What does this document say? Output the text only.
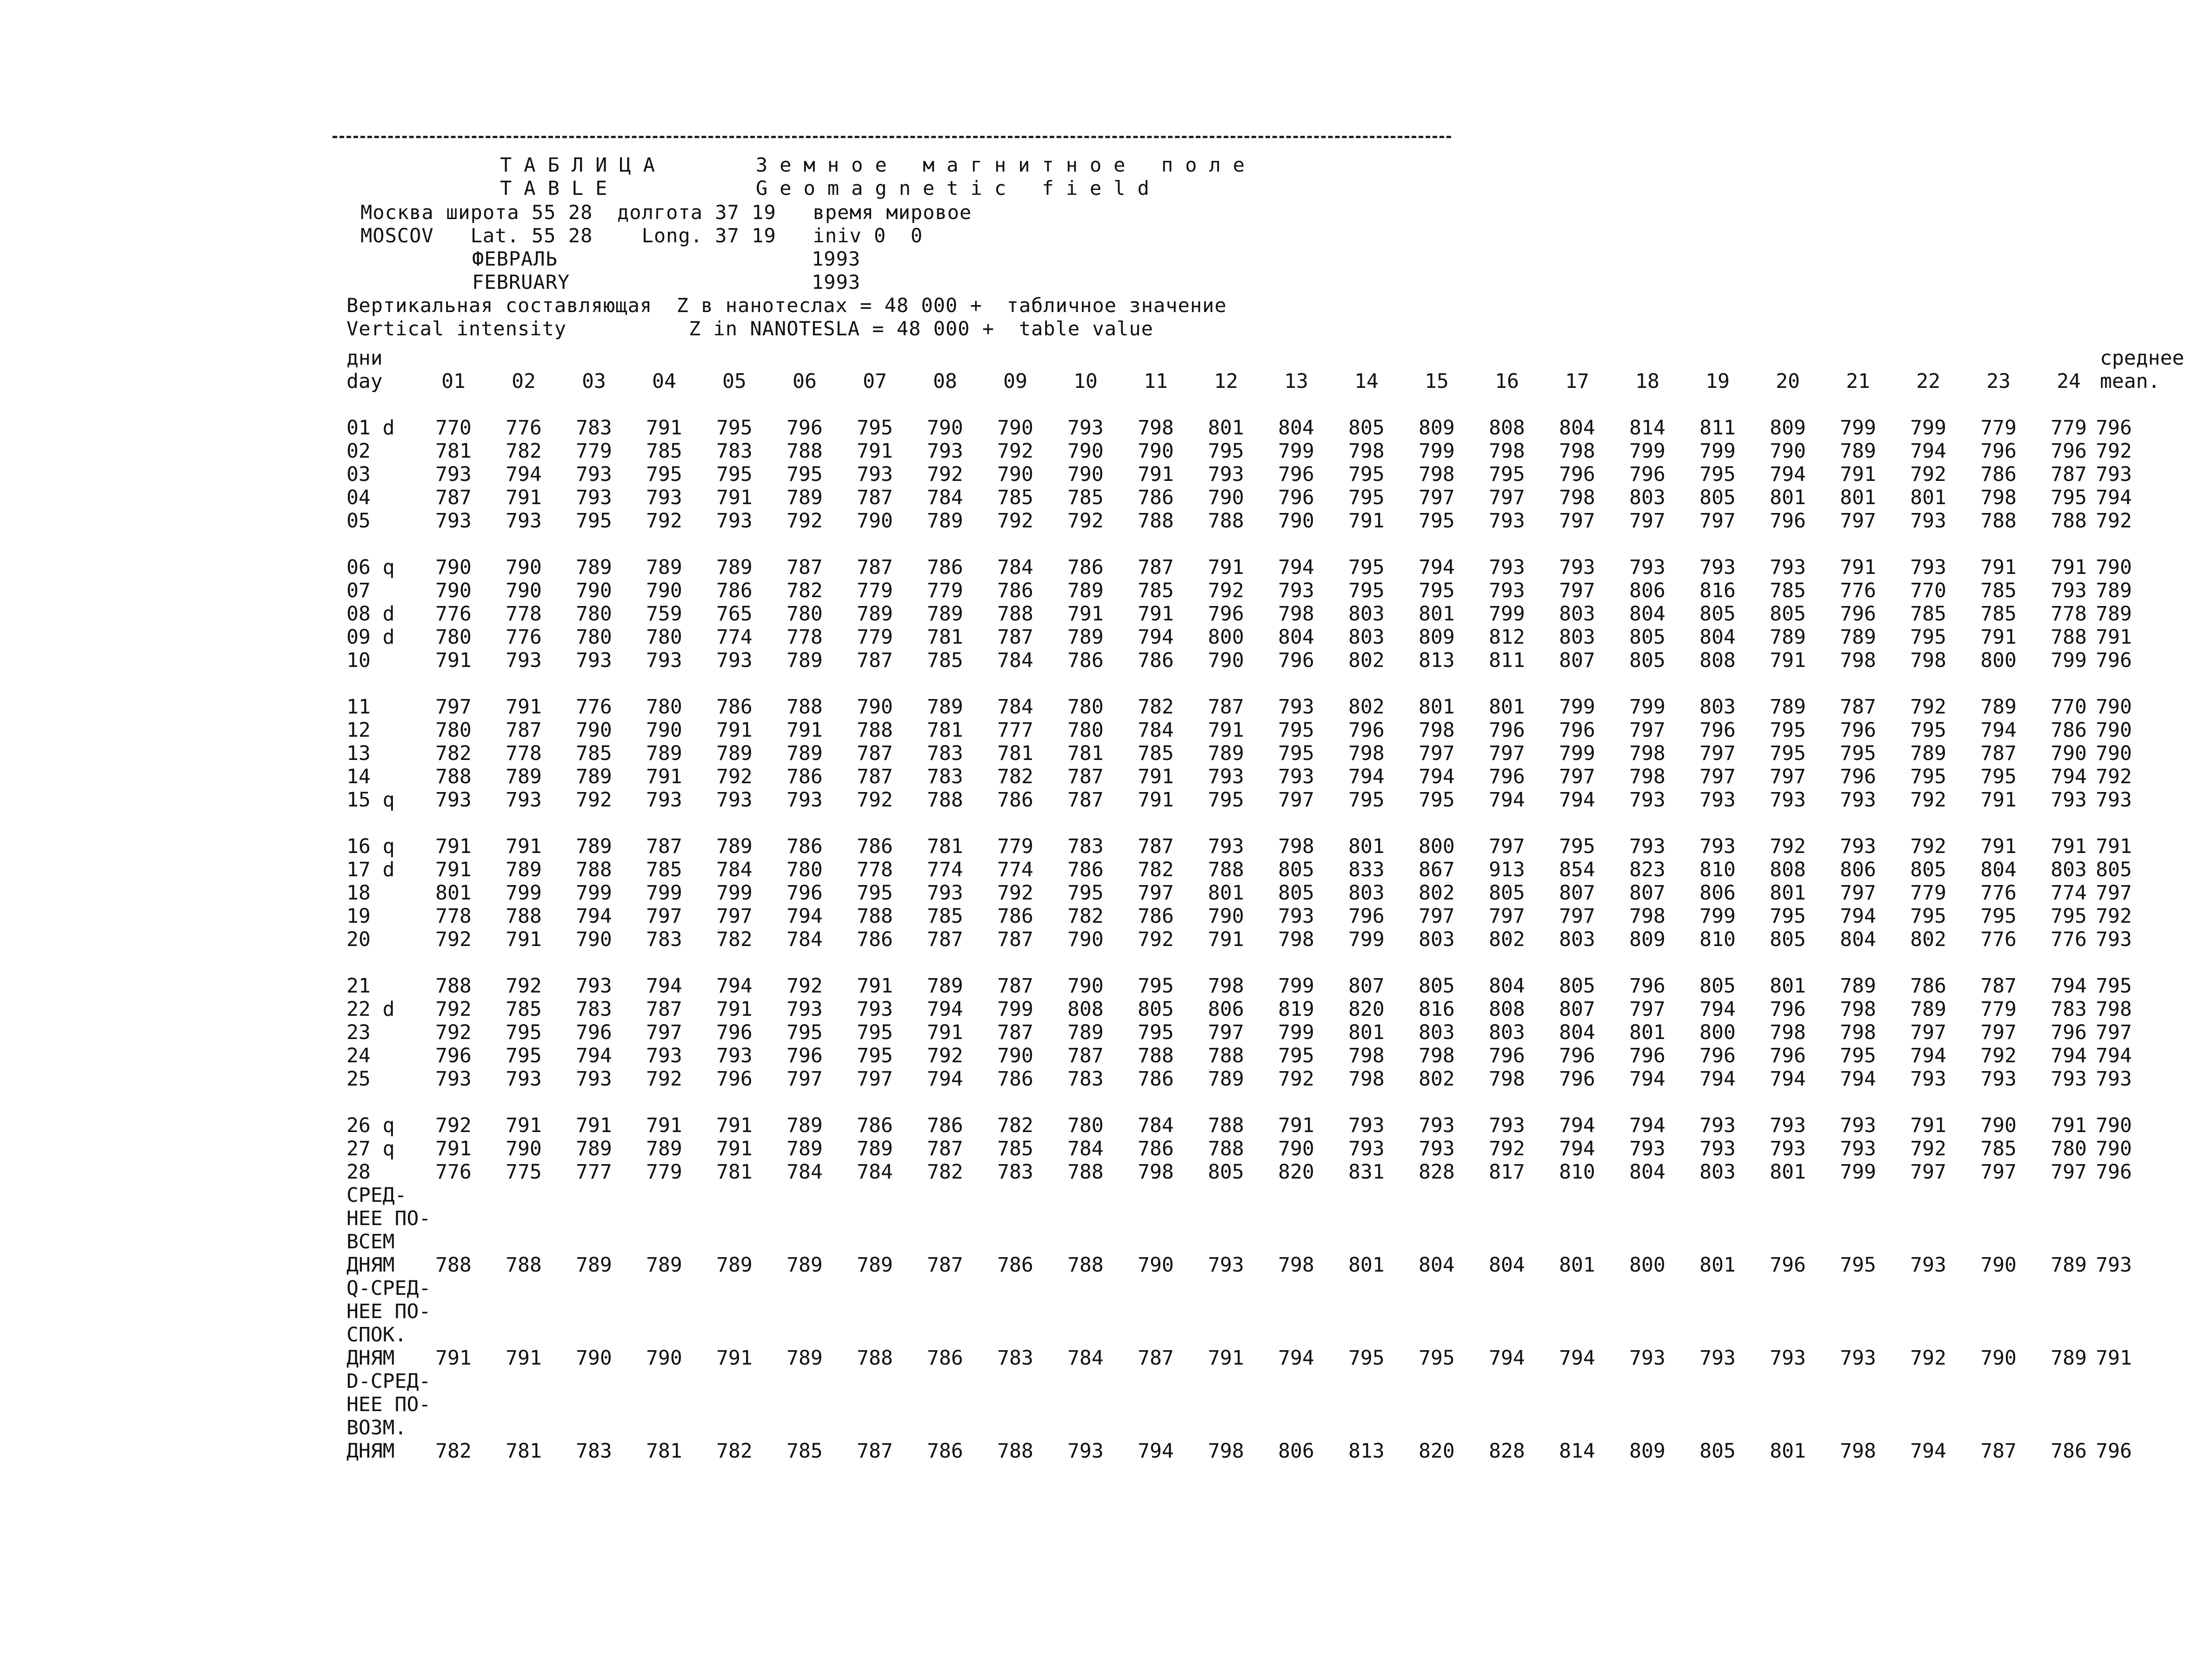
ТАБЛИЦА	Земное магнитное поле
TABLE	Geomagnetic field
Москва широта 55 28  долгота 37 19   время мировое
MOSCOV   Lat. 55 28    Long. 37 19   iniv 0  0
ФЕВРАЛЬ	1993
FEBRUARY	1993
Вертикальная составляющая  Z в нанотеслах = 48 000 +  табличное значение
Vertical intensity          Z in NANOTESLA = 48 000 +  table value
дни	среднее
day	mean.
01	02	03	04	05	06	07	08	09	10	11	12	13	14	15	16	17	18	19	20	21	22	23	24
01 d 770 776 783 791 795 796 795 790 790 793 798 801 804 805 809 808 804 814 811 809 799 799 779 779 796
02	781 782 779 785 783 788 791 793 792 790 790 795 799 798 799 798 798 799 799 790 789 794 796 796 792
03	793 794 793 795 795 795 793 792 790 790 791 793 796 795 798 795 796 796 795 794 791 792 786 787 793
04	787 791 793 793 791 789 787 784 785 785 786 790 796 795 797 797 798 803 805 801 801 801 798 795 794
05	793 793 795 792 793 792 790 789 792 792 788 788 790 791 795 793 797 797 797 796 797 793 788 788 792
06 q 790 790 789 789 789 787 787 786 784 786 787 791 794 795 794 793 793 793 793 793 791 793 791 791 790
07	790 790 790 790 786 782 779 779 786 789 785 792 793 795 795 793 797 806 816 785 776 770 785 793 789
08 d 776 778 780 759 765 780 789 789 788 791 791 796 798 803 801 799 803 804 805 805 796 785 785 778 789
09 d 780 776 780 780 774 778 779 781 787 789 794 800 804 803 809 812 803 805 804 789 789 795 791 788 791
10	791 793 793 793 793 789 787 785 784 786 786 790 796 802 813 811 807 805 808 791 798 798 800 799 796
11	797 791 776 780 786 788 790 789 784 780 782 787 793 802 801 801 799 799 803 789 787 792 789 770 790
12	780 787 790 790 791 791 788 781 777 780 784 791 795 796 798 796 796 797 796 795 796 795 794 786 790
13	782 778 785 789 789 789 787 783 781 781 785 789 795 798 797 797 799 798 797 795 795 789 787 790 790
14	788 789 789 791 792 786 787 783 782 787 791 793 793 794 794 796 797 798 797 797 796 795 795 794 792
15 q 793 793 792 793 793 793 792 788 786 787 791 795 797 795 795 794 794 793 793 793 793 792 791 793 793
16 q 791 791 789 787 789 786 786 781 779 783 787 793 798 801 800 797 795 793 793 792 793 792 791 791 791
17 d 791 789 788 785 784 780 778 774 774 786 782 788 805 833 867 913 854 823 810 808 806 805 804 803 805
18	801 799 799 799 799 796 795 793 792 795 797 801 805 803 802 805 807 807 806 801 797 779 776 774 797
19	778 788 794 797 797 794 788 785 786 782 786 790 793 796 797 797 797 798 799 795 794 795 795 795 792
20	792 791 790 783 782 784 786 787 787 790 792 791 798 799 803 802 803 809 810 805 804 802 776 776 793
21	788 792 793 794 794 792 791 789 787 790 795 798 799 807 805 804 805 796 805 801 789 786 787 794 795
22 d 792 785 783 787 791 793 793 794 799 808 805 806 819 820 816 808 807 797 794 796 798 789 779 783 798
23	792 795 796 797 796 795 795 791 787 789 795 797 799 801 803 803 804 801 800 798 798 797 797 796 797
24	796 795 794 793 793 796 795 792 790 787 788 788 795 798 798 796 796 796 796 796 795 794 792 794 794
25	793 793 793 792 796 797 797 794 786 783 786 789 792 798 802 798 796 794 794 794 794 793 793 793 793
26 q 792 791 791 791 791 789 786 786 782 780 784 788 791 793 793 793 794 794 793 793 793 791 790 791 790
27 q 791 790 789 789 791 789 789 787 785 784 786 788 790 793 793 792 794 793 793 793 793 792 785 780 790
28	776 775 777 779 781 784 784 782 783 788 798 805 820 831 828 817 810 804 803 801 799 797 797 797 796
СРЕД-
НЕЕ ПО-
ВСЕМ
ДНЯМ 788 788 789 789 789 789 789 787 786 788 790 793 798 801 804 804 801 800 801 796 795 793 790 789 793
Q-СРЕД-
НЕЕ ПО-
СПОК.
ДНЯМ 791 791 790 790 791 789 788 786 783 784 787 791 794 795 795 794 794 793 793 793 793 792 790 789 791
D-СРЕД-
НЕЕ ПО-
ВОЗМ.
ДНЯМ 782 781 783 781 782 785 787 786 788 793 794 798 806 813 820 828 814 809 805 801 798 794 787 786 796
